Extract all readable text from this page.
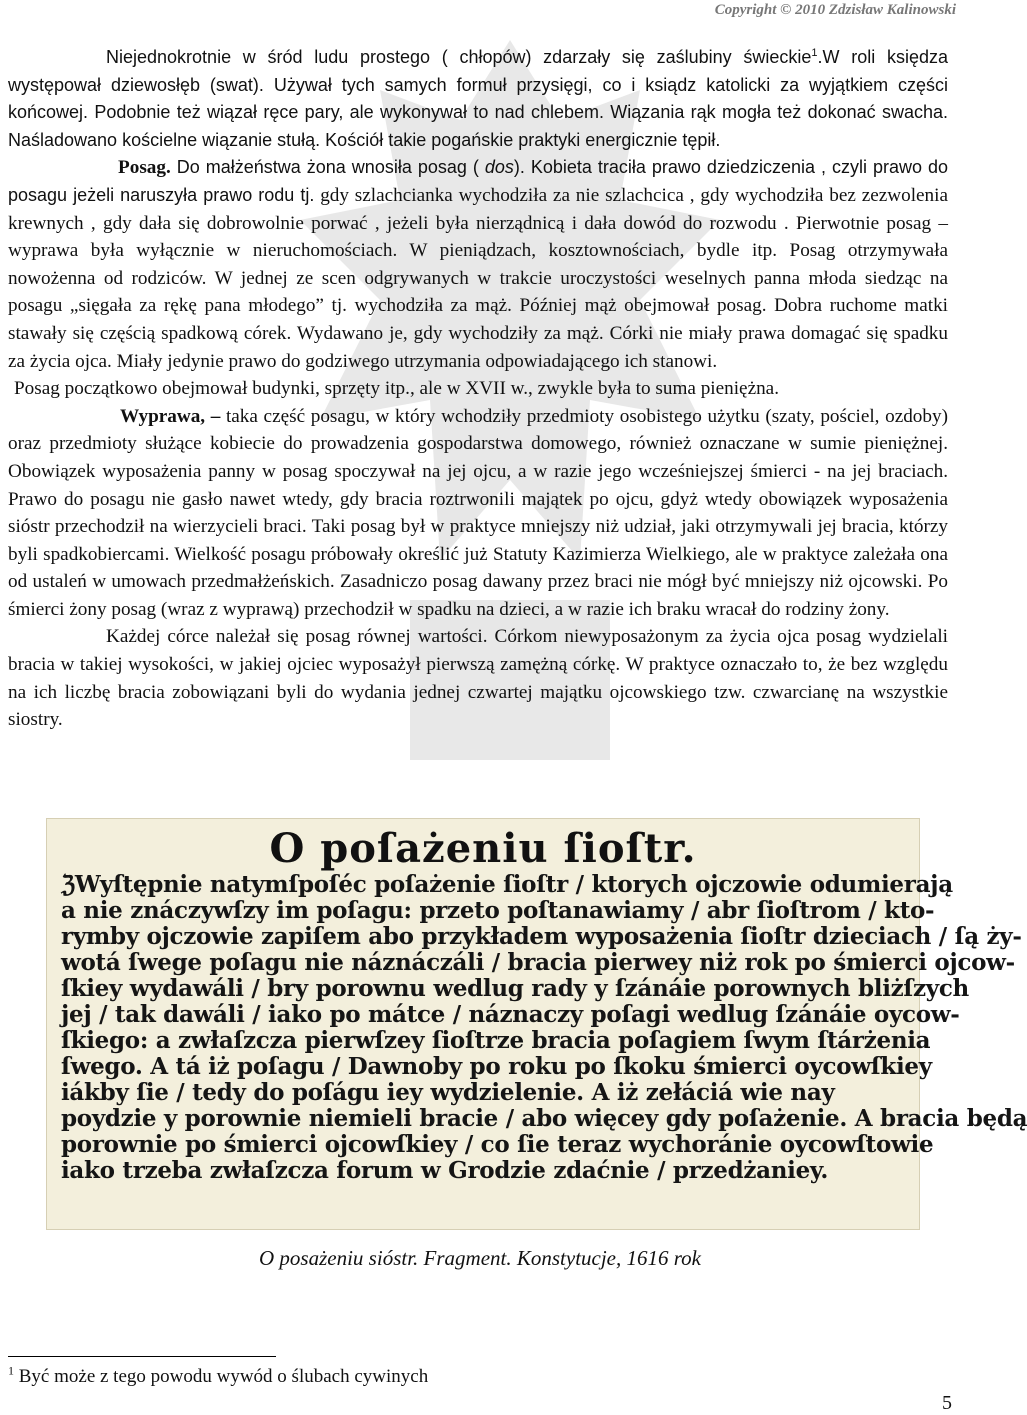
Copyright © 2010 Zdzisław Kalinowski

Niejednokrotnie w śród ludu prostego ( chłopów) zdarzały się zaślubiny świeckie$^1$.W roli księdza występował dziewosłęb (swat). Używał tych samych formuł przysięgi, co i ksiądz katolicki za wyjątkiem części końcowej. Podobnie też wiązał ręce pary, ale wykonywał to nad chlebem. Wiązania rąk mogła też dokonać swacha. Naśladowano kościelne wiązanie stułą. Kościół takie pogańskie praktyki energicznie tępił.

Posag. Do małżeństwa żona wnosiła posag ( dos). Kobieta traciła prawo dziedziczenia , czyli prawo do posagu jeżeli naruszyła prawo rodu tj. gdy szlachcianka wychodziła za nie szlachcica , gdy wychodziła bez zezwolenia krewnych , gdy dała się dobrowolnie porwać , jeżeli była nierządnicą i dała dowód do rozwodu . Pierwotnie posag –wyprawa była wyłącznie w nieruchomościach. W pieniądzach, kosztownościach, bydle itp. Posag otrzymywała nowożenna od rodziców. W jednej ze scen odgrywanych w trakcie uroczystości weselnych panna młoda siedząc na posagu „sięgała za rękę pana młodego” tj. wychodziła za mąż. Później mąż obejmował posag. Dobra ruchome matki stawały się częścią spadkową córek. Wydawano je, gdy wychodziły za mąż. Córki nie miały prawa domagać się spadku za życia ojca. Miały jedynie prawo do godziwego utrzymania odpowiadającego ich stanowi.

Posag początkowo obejmował budynki, sprzęty itp., ale w XVII w., zwykle była to suma pieniężna.

Wyprawa, – taka część posagu, w który wchodziły przedmioty osobistego użytku (szaty, pościel, ozdoby) oraz przedmioty służące kobiecie do prowadzenia gospodarstwa domowego, również oznaczane w sumie pieniężnej. Obowiązek wyposażenia panny w posag spoczywał na jej ojcu, a w razie jego wcześniejszej śmierci - na jej braciach. Prawo do posagu nie gasło nawet wtedy, gdy bracia roztrwonili majątek po ojcu, gdyż wtedy obowiązek wyposażenia sióstr przechodził na wierzycieli braci. Taki posag był w praktyce mniejszy niż udział, jaki otrzymywali jej bracia, którzy byli spadkobiercami. Wielkość posagu próbowały określić już Statuty Kazimierza Wielkiego, ale w praktyce zależała ona od ustaleń w umowach przedmałżeńskich. Zasadniczo posag dawany przez braci nie mógł być mniejszy niż ojcowski. Po śmierci żony posag (wraz z wyprawą) przechodził w spadku na dzieci, a w razie ich braku wracał do rodziny żony.

Każdej córce należał się posag równej wartości. Córkom niewyposażonym za życia ojca posag wydzielali bracia w takiej wysokości, w jakiej ojciec wyposażył pierwszą zamężną córkę. W praktyce oznaczało to, że bez względu na ich liczbę bracia zobowiązani byli do wydania jednej czwartej majątku ojcowskiego tzw. czwarcianę na wszystkie siostry.

O poſażeniu ſioſtr.
ℨWyſtępnie natymſpoſéc poſażenie ſioſtr / ktorych ojczowie odumierają
a nie znáczywſzy im poſagu: przeto poſtanawiamy / abr ſioſtrom / kto-
rymby ojczowie zapiſem abo przykładem wyposażenia ſioſtr dzieciach / ſą ży-
wotá ſwege poſagu nie náznáczáli / bracia pierwey niż rok po śmierci ojcow-
ſkiey wydawáli / bry porownu wedlug rady y ſzánáie porownych bliżſzych
jej / tak dawáli / iako po mátce / náznaczy poſagi wedlug ſzánáie oycow-
ſkiego: a zwłaſzcza pierwſzey ſioſtrze bracia poſagiem ſwym ſtárżenia
ſwego. A tá iż poſagu / Dawnoby po roku po ſkoku śmierci oycowſkiey
iákby ſie / tedy do poſágu iey wydzielenie. A iż zełáciá wie nay
poydzie y porownie niemieli bracie / abo więcey gdy poſażenie. A bracia będą
porownie po śmierci ojcowſkiey / co ſie teraz wychoránie oycowſtowie
iako trzeba zwłaſzcza forum w Grodzie zdaćnie / przedżaniey.
O posażeniu sióstr. Fragment. Konstytucje, 1616 rok
$^1$ Być może z tego powodu wywód o ślubach cywinych
5
